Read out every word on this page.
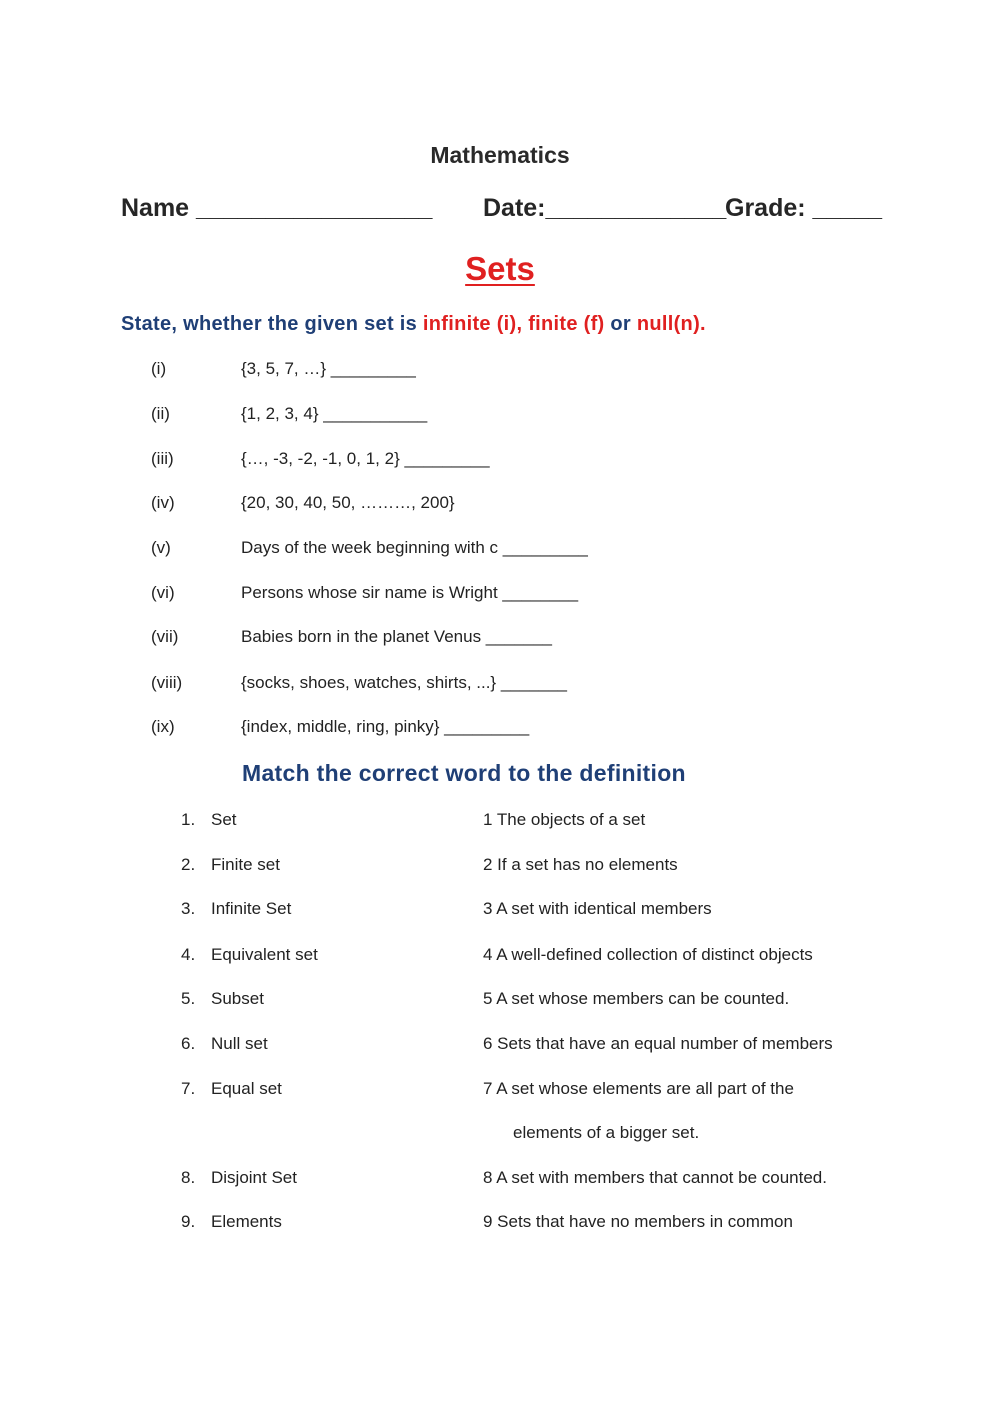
Mathematics
Name _________________ Date:_____________
Grade: _____
Sets
State, whether the given set is infinite (i), finite (f) or null(n).
(i)	{3, 5, 7, …} _________
(ii)	{1, 2, 3, 4} ___________
(iii)	{…, -3, -2, -1, 0, 1, 2} _________
(iv)	{20, 30, 40, 50, ………, 200}
(v)	Days of the week beginning with c _________
(vi)	Persons whose sir name is Wright ________
(vii)	Babies born in the planet Venus _______
(viii)	{socks, shoes, watches, shirts, ...} _______
(ix)	{index, middle, ring, pinky} _________
Match the correct word to the definition
1. Set	1 The objects of a set
2. Finite set	2 If a set has no elements
3. Infinite Set	3 A set with identical members
4. Equivalent set	4 A well-defined collection of distinct objects
5. Subset	5 A set whose members can be counted.
6. Null set	6 Sets that have an equal number of members
7. Equal set	7 A set whose elements are all part of the
elements of a bigger set.
8. Disjoint Set	8 A set with members that cannot be counted.
9. Elements	9 Sets that have no members in common
